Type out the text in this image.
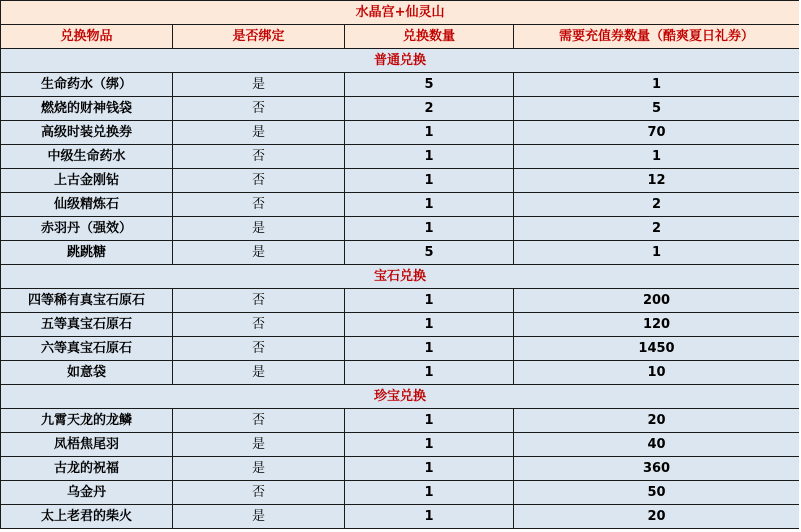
水晶宫+仙灵山			
兑换物品	是否绑定	兑换数量	需要充值券数量（酷爽夏日礼券）
普通兑换			
生命药水（绑）	是	5	1
燃烧的财神钱袋	否	2	5
高级时装兑换券	是	1	70
中级生命药水	否	1	1
上古金刚钻	否	1	12
仙级精炼石	否	1	2
赤羽丹（强效）	是	1	2
跳跳糖	是	5	1
宝石兑换			
四等稀有真宝石原石	否	1	200
五等真宝石原石	否	1	120
六等真宝石原石	否	1	1450
如意袋	是	1	10
珍宝兑换			
九霄天龙的龙鳞	否	1	20
凤梧焦尾羽	是	1	40
古龙的祝福	是	1	360
乌金丹	否	1	50
太上老君的柴火	是	1	20
